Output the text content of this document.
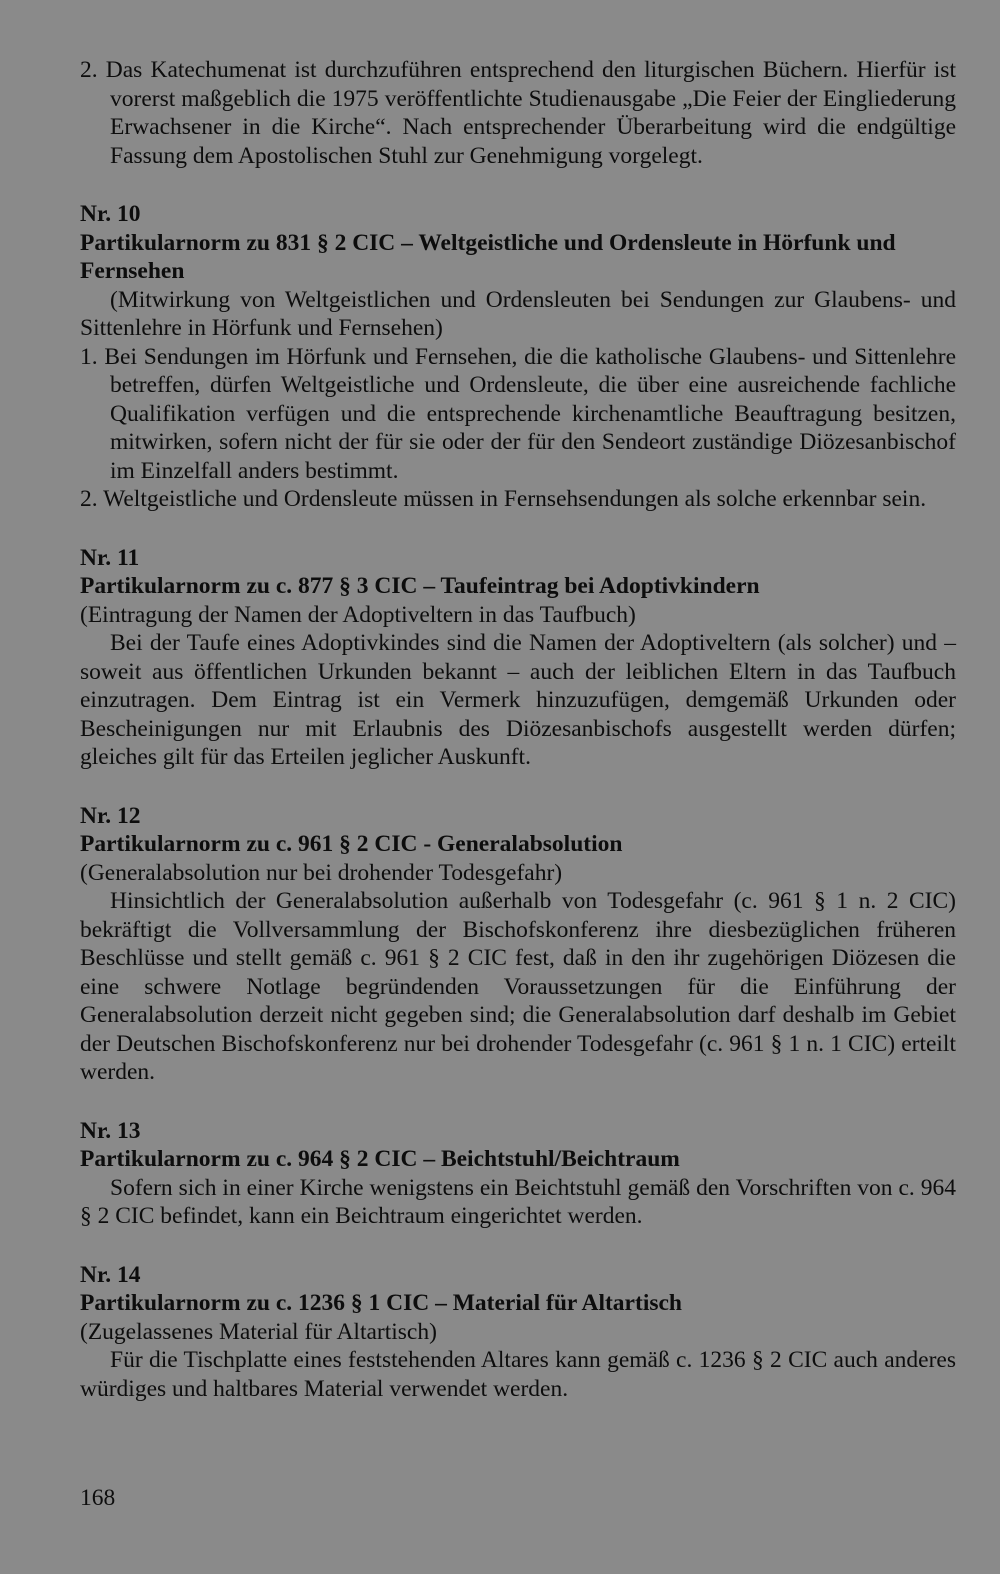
2. Das Katechumenat ist durchzuführen entsprechend den liturgischen Büchern. Hierfür ist vorerst maßgeblich die 1975 veröffentlichte Studienausgabe „Die Feier der Eingliederung Erwachsener in die Kirche“. Nach entsprechender Überarbeitung wird die endgültige Fassung dem Apostolischen Stuhl zur Genehmigung vorgelegt.

Nr. 10

Partikularnorm zu 831 § 2 CIC – Weltgeistliche und Ordensleute in Hörfunk und Fernsehen

(Mitwirkung von Weltgeistlichen und Ordensleuten bei Sendungen zur Glaubens- und Sittenlehre in Hörfunk und Fernsehen)

1. Bei Sendungen im Hörfunk und Fernsehen, die die katholische Glaubens- und Sittenlehre betreffen, dürfen Weltgeistliche und Ordensleute, die über eine ausreichende fachliche Qualifikation verfügen und die entsprechende kirchenamtliche Beauftragung besitzen, mitwirken, sofern nicht der für sie oder der für den Sendeort zuständige Diözesanbischof im Einzelfall anders bestimmt.

2. Weltgeistliche und Ordensleute müssen in Fernsehsendungen als solche erkennbar sein.

Nr. 11

Partikularnorm zu c. 877 § 3 CIC – Taufeintrag bei Adoptivkindern

(Eintragung der Namen der Adoptiveltern in das Taufbuch)

Bei der Taufe eines Adoptivkindes sind die Namen der Adoptiveltern (als solcher) und – soweit aus öffentlichen Urkunden bekannt – auch der leiblichen Eltern in das Taufbuch einzutragen. Dem Eintrag ist ein Vermerk hinzuzufügen, demgemäß Urkunden oder Bescheinigungen nur mit Erlaubnis des Diözesanbischofs ausgestellt werden dürfen; gleiches gilt für das Erteilen jeglicher Auskunft.

Nr. 12

Partikularnorm zu c. 961 § 2 CIC - Generalabsolution

(Generalabsolution nur bei drohender Todesgefahr)

Hinsichtlich der Generalabsolution außerhalb von Todesgefahr (c. 961 § 1 n. 2 CIC) bekräftigt die Vollversammlung der Bischofskonferenz ihre diesbezüglichen früheren Beschlüsse und stellt gemäß c. 961 § 2 CIC fest, daß in den ihr zugehörigen Diözesen die eine schwere Notlage begründenden Voraussetzungen für die Einführung der Generalabsolution derzeit nicht gegeben sind; die Generalabsolution darf deshalb im Gebiet der Deutschen Bischofskonferenz nur bei drohender Todesgefahr (c. 961 § 1 n. 1 CIC) erteilt werden.

Nr. 13

Partikularnorm zu c. 964 § 2 CIC – Beichtstuhl/Beichtraum

Sofern sich in einer Kirche wenigstens ein Beichtstuhl gemäß den Vorschriften von c. 964 § 2 CIC befindet, kann ein Beichtraum eingerichtet werden.

Nr. 14

Partikularnorm zu c. 1236 § 1 CIC – Material für Altartisch

(Zugelassenes Material für Altartisch)

Für die Tischplatte eines feststehenden Altares kann gemäß c. 1236 § 2 CIC auch anderes würdiges und haltbares Material verwendet werden.

168
